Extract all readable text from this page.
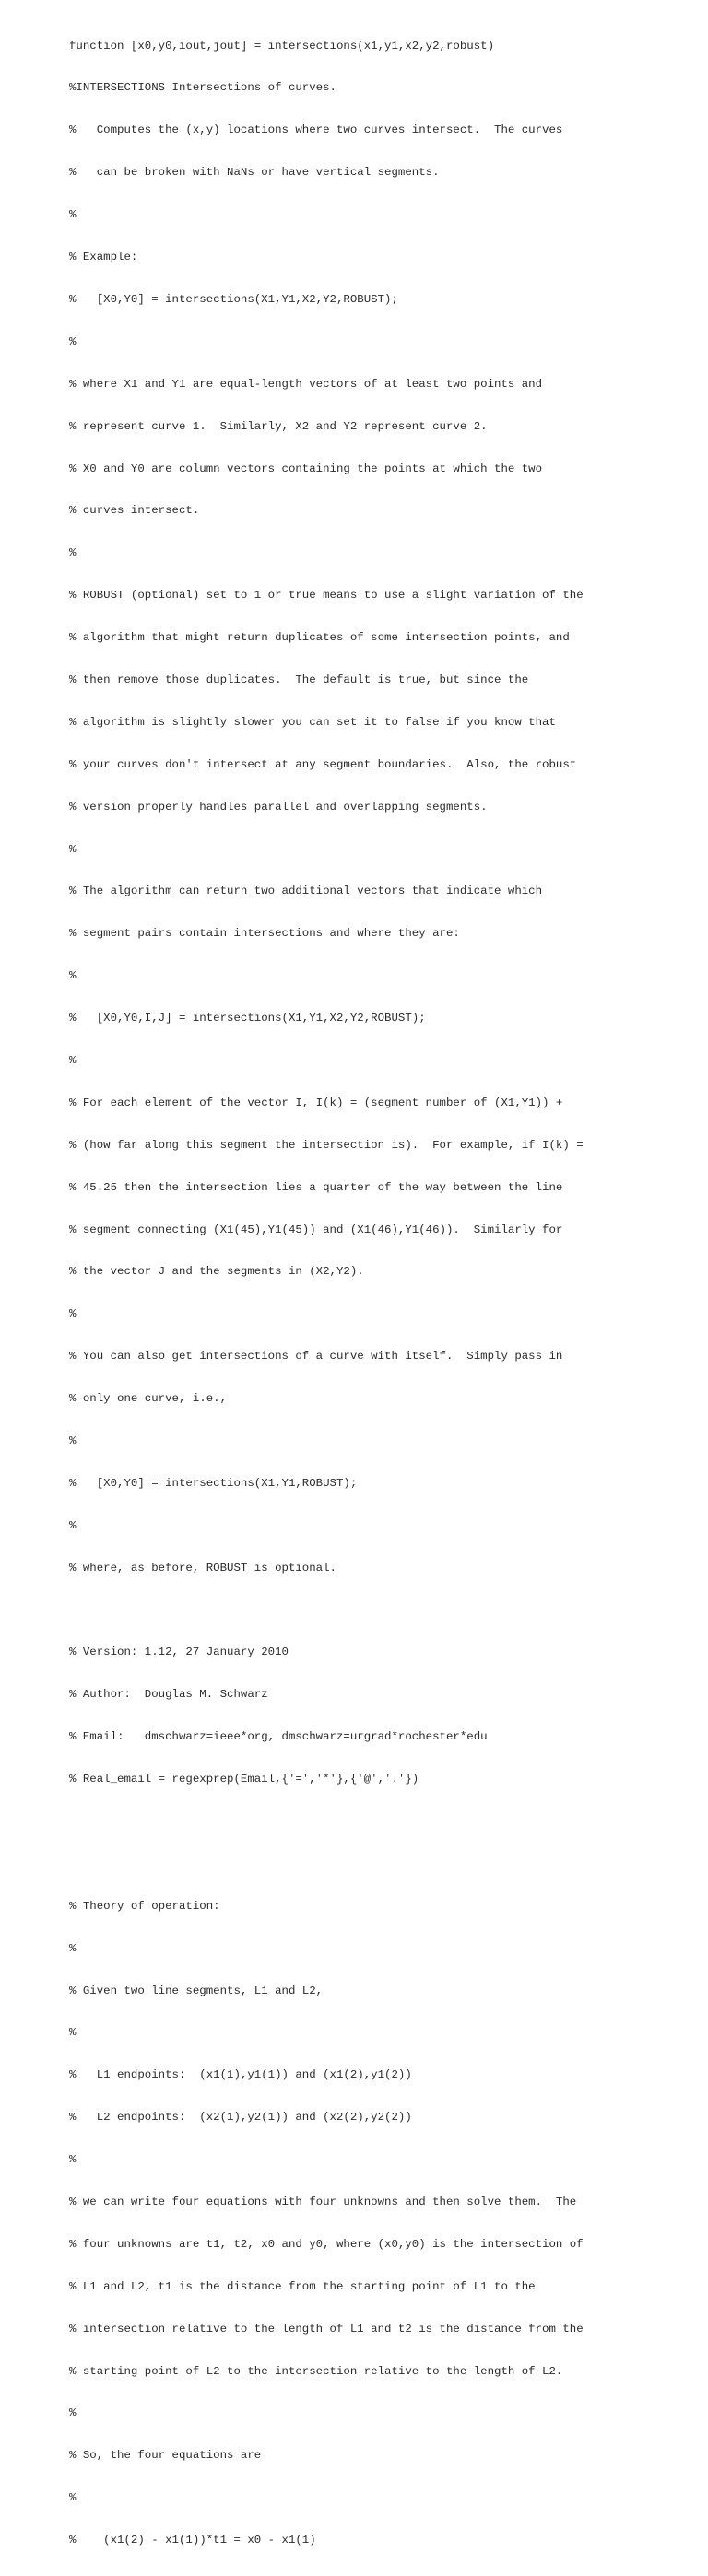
function [x0,y0,iout,jout] = intersections(x1,y1,x2,y2,robust)

%INTERSECTIONS Intersections of curves.

%   Computes the (x,y) locations where two curves intersect.  The curves

%   can be broken with NaNs or have vertical segments.

%

% Example:

%   [X0,Y0] = intersections(X1,Y1,X2,Y2,ROBUST);

%

% where X1 and Y1 are equal-length vectors of at least two points and

% represent curve 1.  Similarly, X2 and Y2 represent curve 2.

% X0 and Y0 are column vectors containing the points at which the two

% curves intersect.

%

% ROBUST (optional) set to 1 or true means to use a slight variation of the

% algorithm that might return duplicates of some intersection points, and

% then remove those duplicates.  The default is true, but since the

% algorithm is slightly slower you can set it to false if you know that

% your curves don't intersect at any segment boundaries.  Also, the robust

% version properly handles parallel and overlapping segments.

%

% The algorithm can return two additional vectors that indicate which

% segment pairs contain intersections and where they are:

%

%   [X0,Y0,I,J] = intersections(X1,Y1,X2,Y2,ROBUST);

%

% For each element of the vector I, I(k) = (segment number of (X1,Y1)) +

% (how far along this segment the intersection is).  For example, if I(k) =

% 45.25 then the intersection lies a quarter of the way between the line

% segment connecting (X1(45),Y1(45)) and (X1(46),Y1(46)).  Similarly for

% the vector J and the segments in (X2,Y2).

%

% You can also get intersections of a curve with itself.  Simply pass in

% only one curve, i.e.,

%

%   [X0,Y0] = intersections(X1,Y1,ROBUST);

%

% where, as before, ROBUST is optional.

% Version: 1.12, 27 January 2010

% Author:  Douglas M. Schwarz

% Email:   dmschwarz=ieee*org, dmschwarz=urgrad*rochester*edu

% Real_email = regexprep(Email,{'=','*'},{'@','.'})

% Theory of operation:

%

% Given two line segments, L1 and L2,

%

%   L1 endpoints:  (x1(1),y1(1)) and (x1(2),y1(2))

%   L2 endpoints:  (x2(1),y2(1)) and (x2(2),y2(2))

%

% we can write four equations with four unknowns and then solve them.  The

% four unknowns are t1, t2, x0 and y0, where (x0,y0) is the intersection of

% L1 and L2, t1 is the distance from the starting point of L1 to the

% intersection relative to the length of L1 and t2 is the distance from the

% starting point of L2 to the intersection relative to the length of L2.

%

% So, the four equations are

%

%    (x1(2) - x1(1))*t1 = x0 - x1(1)
